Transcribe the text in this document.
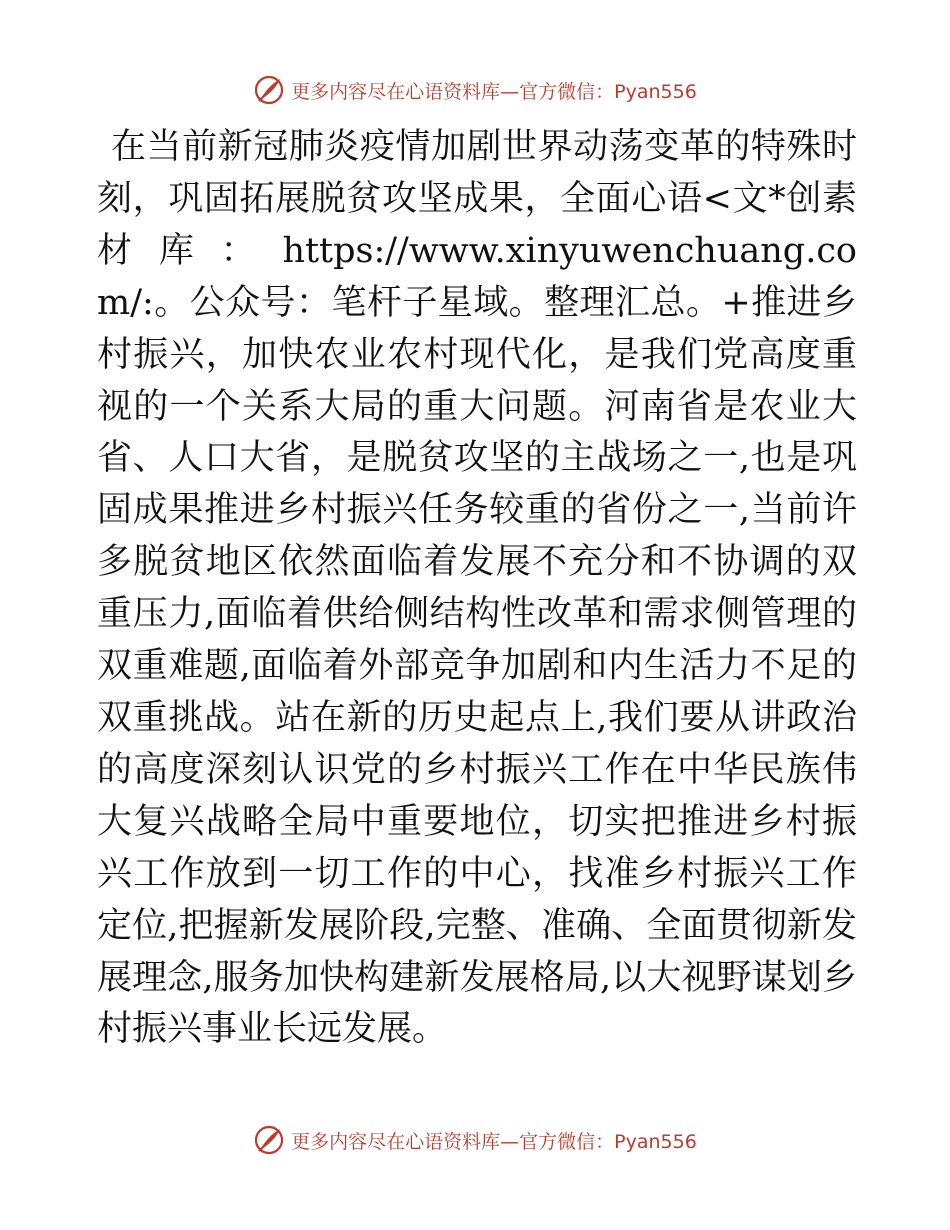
更多内容尽在心语资料库—官方微信：Pyan556

在当前新冠肺炎疫情加剧世界动荡变革的特殊时刻，巩固拓展脱贫攻坚成果，全面心语<文*创素材库：https://www.xinyuwenchuang.com/:。公众号：笔杆子星域。整理汇总。+推进乡村振兴，加快农业农村现代化，是我们党高度重视的一个关系大局的重大问题。河南省是农业大省、人口大省，是脱贫攻坚的主战场之一,也是巩固成果推进乡村振兴任务较重的省份之一,当前许多脱贫地区依然面临着发展不充分和不协调的双重压力,面临着供给侧结构性改革和需求侧管理的双重难题,面临着外部竞争加剧和内生活力不足的双重挑战。站在新的历史起点上,我们要从讲政治的高度深刻认识党的乡村振兴工作在中华民族伟大复兴战略全局中重要地位，切实把推进乡村振兴工作放到一切工作的中心，找准乡村振兴工作定位,把握新发展阶段,完整、准确、全面贯彻新发展理念,服务加快构建新发展格局,以大视野谋划乡村振兴事业长远发展。

更多内容尽在心语资料库—官方微信：Pyan556
